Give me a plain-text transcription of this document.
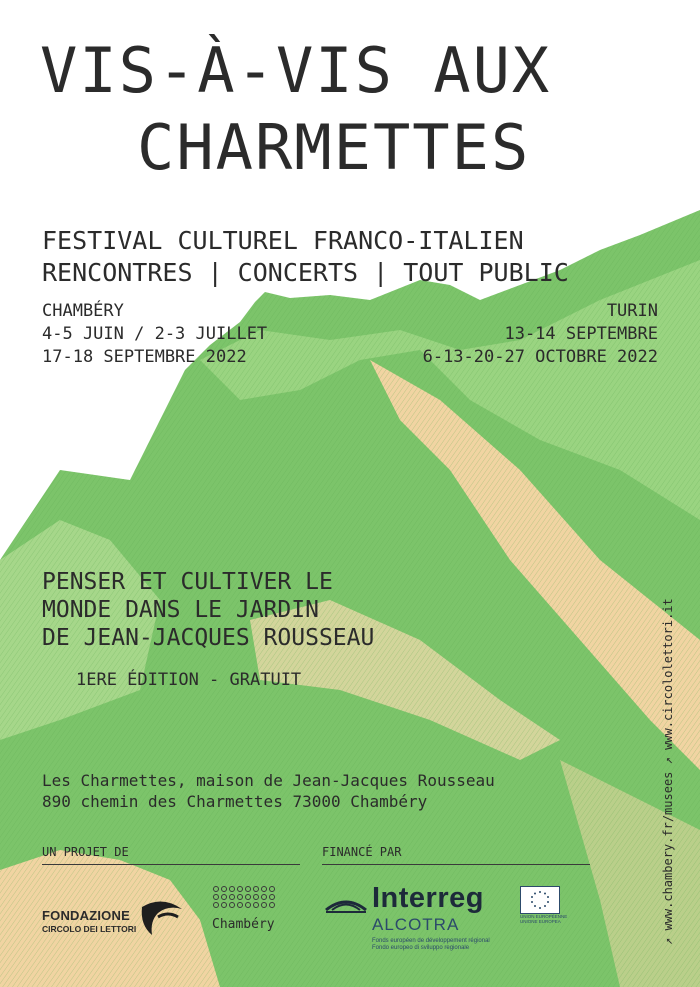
VIS-À-VIS AUX
CHARMETTES
FESTIVAL CULTUREL FRANCO-ITALIEN
RENCONTRES | CONCERTS | TOUT PUBLIC
CHAMBÉRY
4-5 JUIN / 2-3 JUILLET
17-18 SEPTEMBRE 2022
TURIN
13-14 SEPTEMBRE
6-13-20-27 OCTOBRE 2022
PENSER ET CULTIVER LE
MONDE DANS LE JARDIN
DE JEAN-JACQUES ROUSSEAU
1ERE ÉDITION - GRATUIT
Les Charmettes, maison de Jean-Jacques Rousseau
890 chemin des Charmettes 73000 Chambéry
UN PROJET DE	FINANCÉ PAR	↗ www.chambery.fr/musees ↗ www.circololettori.it
FONDAZIONE
CIRCOLO DEI LETTORI	Chambéry
Interreg
ALCOTRA
Fonds européen de développement régional
Fondo europeo di sviluppo regionale
UNION EUROPÉENNE UNIONE EUROPEA
